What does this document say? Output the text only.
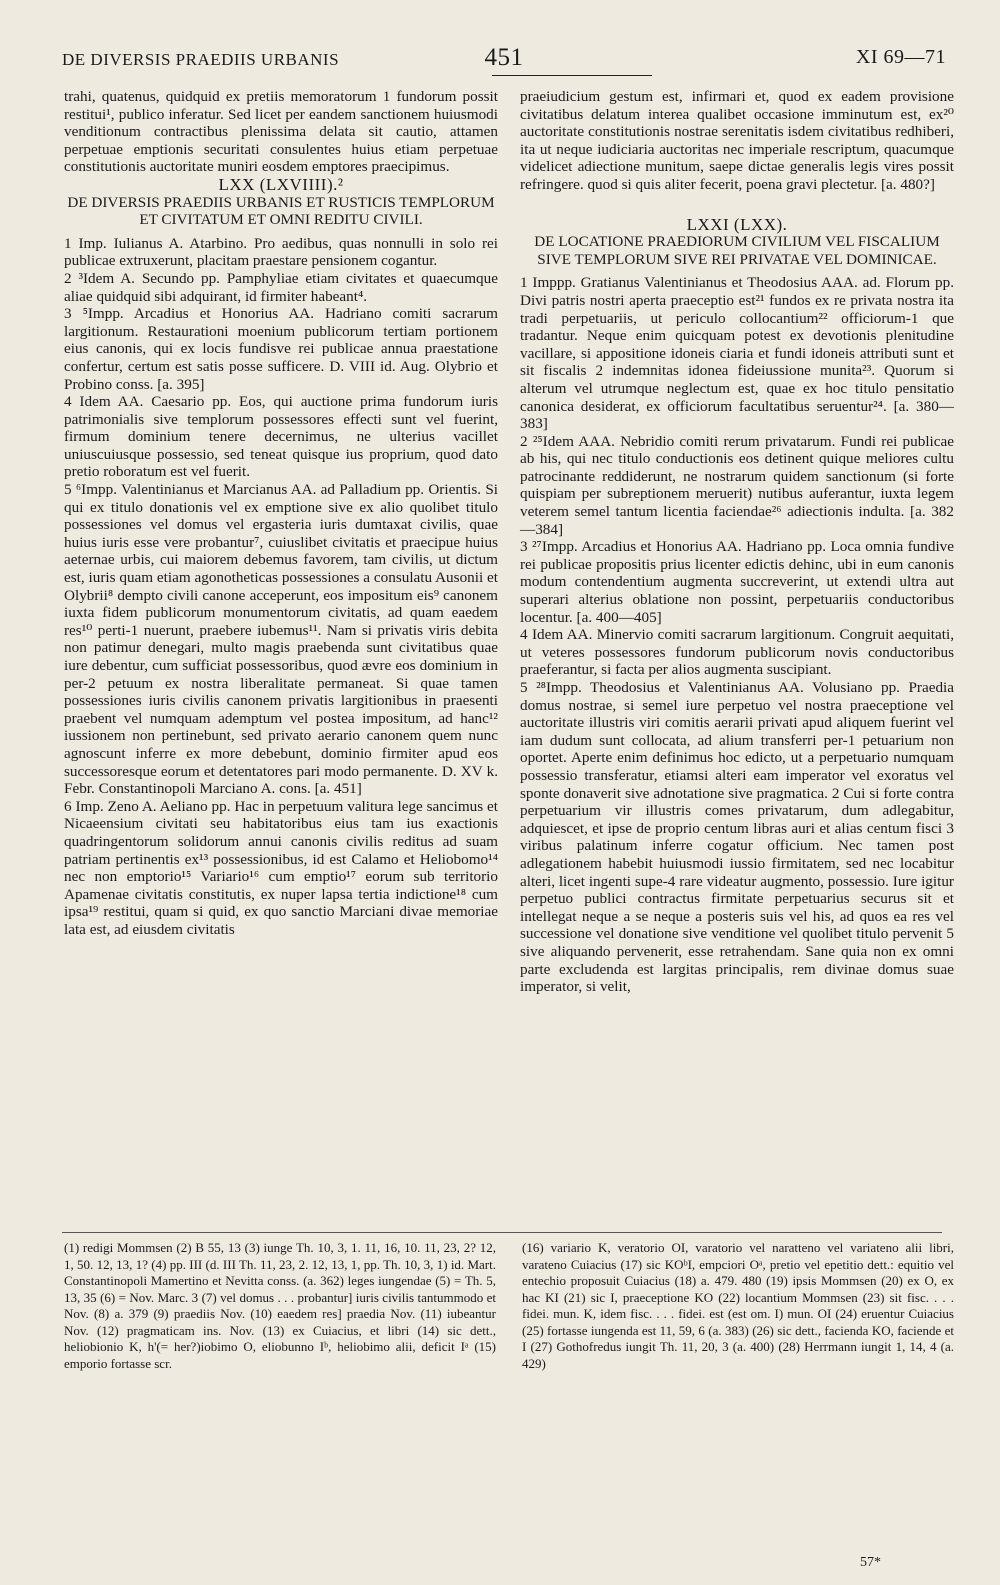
DE DIVERSIS PRAEDIIS URBANIS	451	XI 69—71

trahi, quatenus, quidquid ex pretiis memoratorum 1 fundorum possit restitui¹, publico inferatur. Sed licet per eandem sanctionem huiusmodi venditionum contractibus plenissima delata sit cautio, attamen perpetuae emptionis securitati consulentes huius etiam perpetuae constitutionis auctoritate muniri eosdem emptores praecipimus.

LXX (LXVIIII).²

DE DIVERSIS PRAEDIIS URBANIS ET RUSTICIS TEMPLORUM ET CIVITATUM ET OMNI REDITU CIVILI.

1 Imp. Iulianus A. Atarbino. Pro aedibus, quas nonnulli in solo rei publicae extruxerunt, placitam praestare pensionem cogantur.

2 ³Idem A. Secundo pp. Pamphyliae etiam civitates et quaecumque aliae quidquid sibi adquirant, id firmiter habeant⁴.

3 ⁵Impp. Arcadius et Honorius AA. Hadriano comiti sacrarum largitionum. Restaurationi moenium publicorum tertiam portionem eius canonis, qui ex locis fundisve rei publicae annua praestatione confertur, certum est satis posse sufficere. D. VIII id. Aug. Olybrio et Probino conss. [a. 395]

4 Idem AA. Caesario pp. Eos, qui auctione prima fundorum iuris patrimonialis sive templorum possessores effecti sunt vel fuerint, firmum dominium tenere decernimus, ne ulterius vacillet uniuscuiusque possessio, sed teneat quisque ius proprium, quod dato pretio roboratum est vel fuerit.

5 ⁶Impp. Valentinianus et Marcianus AA. ad Palladium pp. Orientis. Si qui ex titulo donationis vel ex emptione sive ex alio quolibet titulo possessiones vel domus vel ergasteria iuris dumtaxat civilis, quae huius iuris esse vere probantur⁷, cuiuslibet civitatis et praecipue huius aeternae urbis, cui maiorem debemus favorem, tam civilis, ut dictum est, iuris quam etiam agonotheticas possessiones a consulatu Ausonii et Olybrii⁸ dempto civili canone acceperunt, eos impositum eis⁹ canonem iuxta fidem publicorum monumentorum civitatis, ad quam eaedem res¹⁰ perti-1 nuerunt, praebere iubemus¹¹. Nam si privatis viris debita non patimur denegari, multo magis praebenda sunt civitatibus quae iure debentur, cum sufficiat possessoribus, quod ævre eos dominium in per-2 petuum ex nostra liberalitate permaneat. Si quae tamen possessiones iuris civilis canonem privatis largitionibus in praesenti praebent vel numquam ademptum vel postea impositum, ad hanc¹² iussionem non pertinebunt, sed privato aerario canonem quem nunc agnoscunt inferre ex more debebunt, dominio firmiter apud eos successoresque eorum et detentatores pari modo permanente. D. XV k. Febr. Constantinopoli Marciano A. cons. [a. 451]

6 Imp. Zeno A. Aeliano pp. Hac in perpetuum valitura lege sancimus et Nicaeensium civitati seu habitatoribus eius tam ius exactionis quadringentorum solidorum annui canonis civilis reditus ad suam patriam pertinentis ex¹³ possessionibus, id est Calamo et Heliobomo¹⁴ nec non emptorio¹⁵ Variario¹⁶ cum emptio¹⁷ eorum sub territorio Apamenae civitatis constitutis, ex nuper lapsa tertia indictione¹⁸ cum ipsa¹⁹ restitui, quam si quid, ex quo sanctio Marciani divae memoriae lata est, ad eiusdem civitatis

praeiudicium gestum est, infirmari et, quod ex eadem provisione civitatibus delatum interea qualibet occasione imminutum est, ex²⁰ auctoritate constitutionis nostrae serenitatis isdem civitatibus redhiberi, ita ut neque iudiciaria auctoritas nec imperiale rescriptum, quacumque videlicet adiectione munitum, saepe dictae generalis legis vires possit refringere. quod si quis aliter fecerit, poena gravi plectetur. [a. 480?]

LXXI (LXX).

DE LOCATIONE PRAEDIORUM CIVILIUM VEL FISCALIUM SIVE TEMPLORUM SIVE REI PRIVATAE VEL DOMINICAE.

1 Imppp. Gratianus Valentinianus et Theodosius AAA. ad. Florum pp. Divi patris nostri aperta praeceptio est²¹ fundos ex re privata nostra ita tradi perpetuariis, ut periculo collocantium²² officiorum-1 que tradantur. Neque enim quicquam potest ex devotionis plenitudine vacillare, si appositione idoneis ciaria et fundi idoneis attributi sunt et sit fiscalis 2 indemnitas idonea fideiussione munita²³. Quorum si alterum vel utrumque neglectum est, quae ex hoc titulo pensitatio canonica desiderat, ex officiorum facultatibus seruentur²⁴. [a. 380—383]

2 ²⁵Idem AAA. Nebridio comiti rerum privatarum. Fundi rei publicae ab his, qui nec titulo conductionis eos detinent quique meliores cultu patrocinante reddiderunt, ne nostrarum quidem sanctionum (si forte quispiam per subreptionem meruerit) nutibus auferantur, iuxta legem veterem semel tantum licentia faciendae²⁶ adiectionis indulta. [a. 382—384]

3 ²⁷Impp. Arcadius et Honorius AA. Hadriano pp. Loca omnia fundive rei publicae propositis prius licenter edictis dehinc, ubi in eum canonis modum contendentium augmenta succreverint, ut extendi ultra aut superari alterius oblatione non possint, perpetuariis conductoribus locentur. [a. 400—405]

4 Idem AA. Minervio comiti sacrarum largitionum. Congruit aequitati, ut veteres possessores fundorum publicorum novis conductoribus praeferantur, si facta per alios augmenta suscipiant.

5 ²⁸Impp. Theodosius et Valentinianus AA. Volusiano pp. Praedia domus nostrae, si semel iure perpetuo vel nostra praeceptione vel auctoritate illustris viri comitis aerarii privati apud aliquem fuerint vel iam dudum sunt collocata, ad alium transferri per-1 petuarium non oportet. Aperte enim definimus hoc edicto, ut a perpetuario numquam possessio transferatur, etiamsi alteri eam imperator vel exoratus vel sponte donaverit sive adnotatione sive pragmatica. 2 Cui si forte contra perpetuarium vir illustris comes privatarum, dum adlegabitur, adquiescet, et ipse de proprio centum libras auri et alias centum fisci 3 viribus palatinum inferre cogatur officium. Nec tamen post adlegationem habebit huiusmodi iussio firmitatem, sed nec locabitur alteri, licet ingenti supe-4 rare videatur augmento, possessio. Iure igitur perpetuo publici contractus firmitate perpetuarius securus sit et intellegat neque a se neque a posteris suis vel his, ad quos ea res vel successione vel donatione sive venditione vel quolibet titulo pervenit 5 sive aliquando pervenerit, esse retrahendam. Sane quia non ex omni parte excludenda est largitas principalis, rem divinae domus suae imperator, si velit,

(1) redigi Mommsen (2) B 55, 13 (3) iunge Th. 10, 3, 1. 11, 16, 10. 11, 23, 2? 12, 1, 50. 12, 13, 1? (4) pp. III (d. III Th. 11, 23, 2. 12, 13, 1, pp. Th. 10, 3, 1) id. Mart. Constantinopoli Mamertino et Nevitta conss. (a. 362) leges iungendae (5) = Th. 5, 13, 35 (6) = Nov. Marc. 3 (7) vel domus . . . probantur] iuris civilis tantummodo et Nov. (8) a. 379 (9) praediis Nov. (10) eaedem res] praedia Nov. (11) iubeantur Nov. (12) pragmaticam ins. Nov. (13) ex Cuiacius, et libri (14) sic dett., heliobionio K, h'(= her?)iobimo O, eliobunno Iᵇ, heliobimo alii, deficit Iᵃ (15) emporio fortasse scr.
(16) variario K, veratorio OI, varatorio vel naratteno vel variateno alii libri, varateno Cuiacius (17) sic KOᵇI, empciori Oᵃ, pretio vel epetitio dett.: equitio vel entechio proposuit Cuiacius (18) a. 479. 480 (19) ipsis Mommsen (20) ex O, ex hac KI (21) sic I, praeceptione KO (22) locantium Mommsen (23) sit fisc. . . . fidei. mun. K, idem fisc. . . . fidei. est (est om. I) mun. OI (24) eruentur Cuiacius (25) fortasse iungenda est 11, 59, 6 (a. 383) (26) sic dett., facienda KO, faciende et I (27) Gothofredus iungit Th. 11, 20, 3 (a. 400) (28) Herrmann iungit 1, 14, 4 (a. 429)
57*
